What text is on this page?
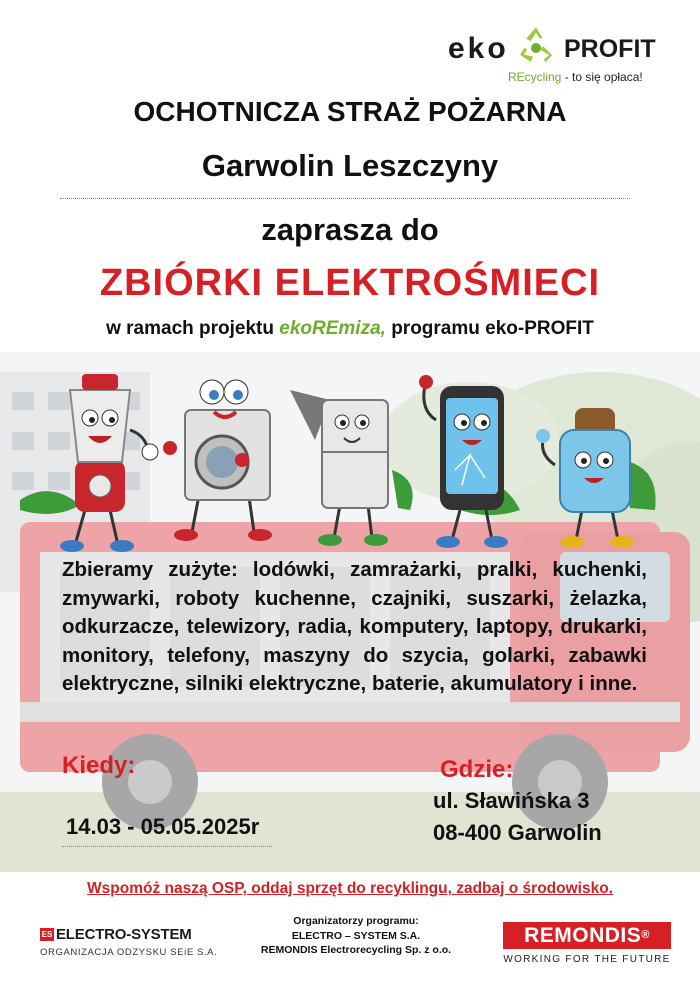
eko PROFIT
REcycling - to się opłaca!
OCHOTNICZA STRAŻ POŻARNA
Garwolin Leszczyny
zaprasza do
ZBIÓRKI ELEKTROŚMIECI
w ramach projektu ekoREmiza, programu eko-PROFIT
Zbieramy zużyte: lodówki, zamrażarki, pralki, kuchenki, zmywarki, roboty kuchenne, czajniki, suszarki, żelazka, odkurzacze, telewizory, radia, komputery, laptopy, drukarki, monitory, telefony, maszyny do szycia, golarki, zabawki elektryczne, silniki elektryczne, baterie, akumulatory i inne.
Kiedy:
14.03 - 05.05.2025r
Gdzie:
ul. Sławińska 3
08-400 Garwolin
Wspomóż naszą OSP, oddaj sprzęt do recyklingu, zadbaj o środowisko.
ES ELECTRO-SYSTEM
ORGANIZACJA ODZYSKU SEiE S.A.
Organizatorzy programu:
ELECTRO – SYSTEM S.A.
REMONDIS Electrorecycling Sp. z o.o.
REMONDIS®
WORKING FOR THE FUTURE
